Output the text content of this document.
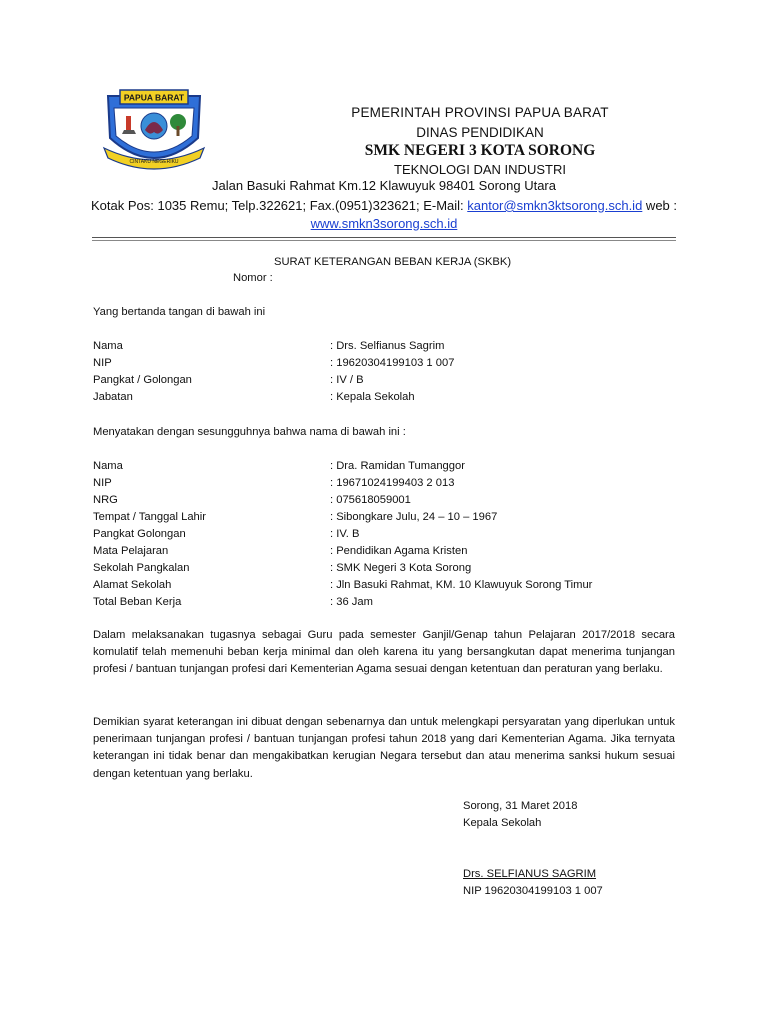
PAPUA BARAT
CINTAKU NEGERIKU
PEMERINTAH PROVINSI PAPUA BARAT
DINAS PENDIDIKAN
SMK NEGERI 3 KOTA SORONG
TEKNOLOGI DAN INDUSTRI
Jalan Basuki Rahmat Km.12 Klawuyuk 98401 Sorong Utara
Kotak Pos: 1035 Remu; Telp.322621; Fax.(0951)323621; E-Mail: kantor@smkn3ktsorong.sch.id web :
www.smkn3sorong.sch.id
SURAT KETERANGAN BEBAN KERJA (SKBK)
Nomor :
Yang bertanda tangan di bawah ini
Nama	: Drs. Selfianus Sagrim
NIP	: 19620304199103 1 007
Pangkat / Golongan	: IV / B
Jabatan	: Kepala Sekolah
Menyatakan dengan sesungguhnya bahwa nama di bawah ini :
Nama	: Dra. Ramidan Tumanggor
NIP	: 19671024199403 2 013
NRG	: 075618059001
Tempat / Tanggal Lahir	: Sibongkare Julu, 24 – 10 – 1967
Pangkat Golongan	: IV. B
Mata Pelajaran	: Pendidikan Agama Kristen
Sekolah Pangkalan	: SMK Negeri 3 Kota Sorong
Alamat Sekolah	: Jln Basuki Rahmat, KM. 10 Klawuyuk Sorong Timur
Total Beban Kerja	: 36 Jam
Dalam melaksanakan tugasnya sebagai Guru pada semester Ganjil/Genap tahun Pelajaran 2017/2018 secara komulatif telah memenuhi beban kerja minimal dan oleh karena itu yang bersangkutan dapat menerima tunjangan profesi / bantuan tunjangan profesi dari Kementerian Agama sesuai dengan ketentuan dan peraturan yang berlaku.
Demikian syarat keterangan ini dibuat dengan sebenarnya dan untuk melengkapi persyaratan yang diperlukan untuk penerimaan tunjangan profesi / bantuan tunjangan profesi tahun 2018 yang dari Kementerian Agama. Jika ternyata keterangan ini tidak benar dan mengakibatkan kerugian Negara tersebut dan atau menerima sanksi hukum sesuai dengan ketentuan yang berlaku.
Sorong, 31 Maret 2018
Kepala Sekolah
Drs. SELFIANUS SAGRIM
NIP 19620304199103 1 007
